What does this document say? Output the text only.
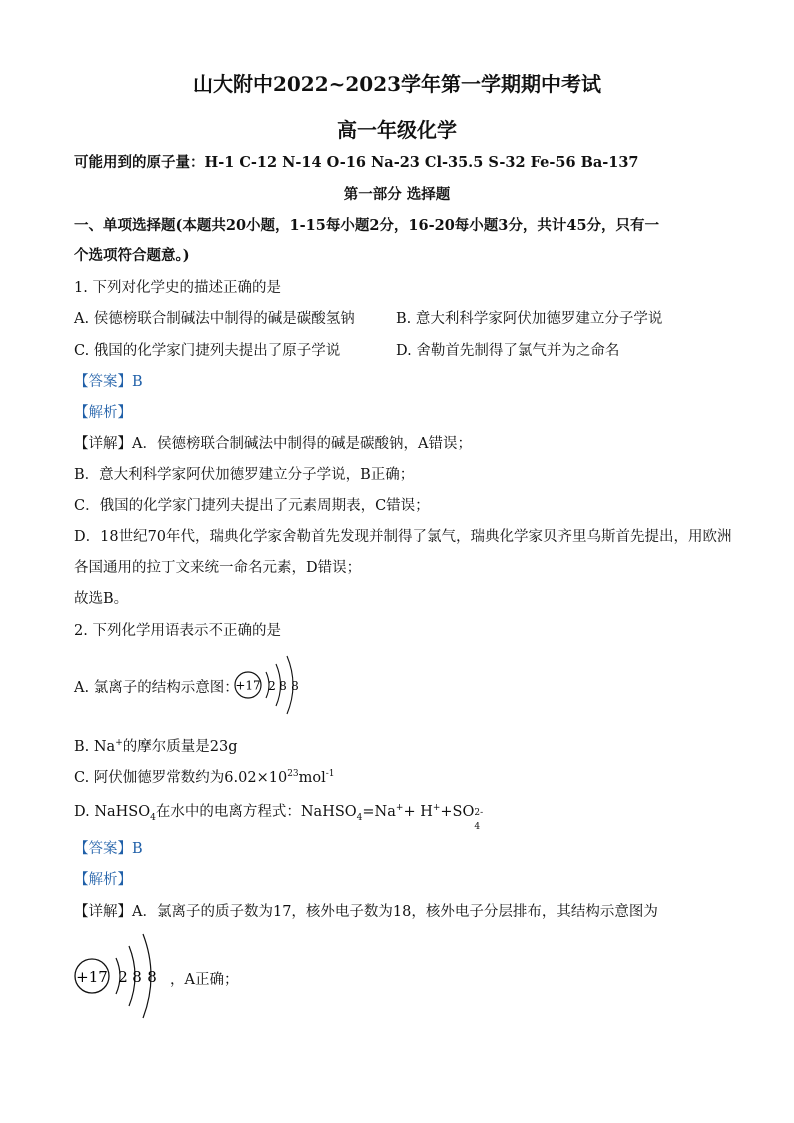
山大附中2022~2023学年第一学期期中考试
高一年级化学
可能用到的原子量：H-1 C-12 N-14 O-16 Na-23 Cl-35.5 S-32 Fe-56 Ba-137
第一部分 选择题
一、单项选择题(本题共20小题，1-15每小题2分，16-20每小题3分，共计45分，只有一
个选项符合题意。)
1. 下列对化学史的描述正确的是
A. 侯德榜联合制碱法中制得的碱是碳酸氢钠	B. 意大利科学家阿伏加德罗建立分子学说
C. 俄国的化学家门捷列夫提出了原子学说	D. 舍勒首先制得了氯气并为之命名
【答案】B
【解析】
【详解】A．侯德榜联合制碱法中制得的碱是碳酸钠，A错误；
B．意大利科学家阿伏加德罗建立分子学说，B正确；
C．俄国的化学家门捷列夫提出了元素周期表，C错误；
D．18世纪70年代，瑞典化学家舍勒首先发现并制得了氯气，瑞典化学家贝齐里乌斯首先提出，用欧洲
各国通用的拉丁文来统一命名元素，D错误；
故选B。
2. 下列化学用语表示不正确的是
A. 氯离子的结构示意图：
+17 2 8 8
B. Na+的摩尔质量是23g
C. 阿伏伽德罗常数约为$6.02\times 10^{23}mol^{-1}$
D. NaHSO$_4$在水中的电离方程式：NaHSO$_4$=Na++ H++SO 2-
4
【答案】B
【解析】
【详解】A．氯离子的质子数为17，核外电子数为18，核外电子分层排布，其结构示意图为
+17 2 8 8 ，A正确；
